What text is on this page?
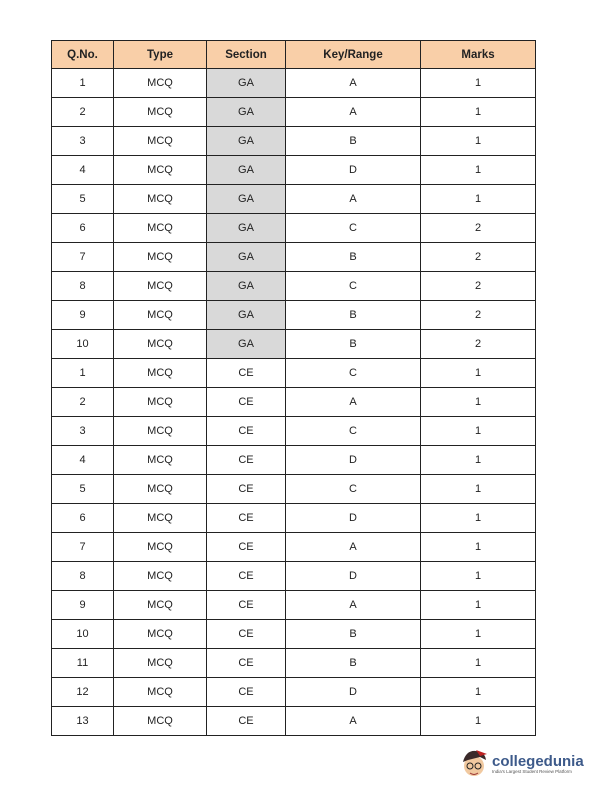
Q.No.	Type	Section	Key/Range	Marks
1	MCQ	GA	A	1
2	MCQ	GA	A	1
3	MCQ	GA	B	1
4	MCQ	GA	D	1
5	MCQ	GA	A	1
6	MCQ	GA	C	2
7	MCQ	GA	B	2
8	MCQ	GA	C	2
9	MCQ	GA	B	2
10	MCQ	GA	B	2
1	MCQ	CE	C	1
2	MCQ	CE	A	1
3	MCQ	CE	C	1
4	MCQ	CE	D	1
5	MCQ	CE	C	1
6	MCQ	CE	D	1
7	MCQ	CE	A	1
8	MCQ	CE	D	1
9	MCQ	CE	A	1
10	MCQ	CE	B	1
11	MCQ	CE	B	1
12	MCQ	CE	D	1
13	MCQ	CE	A	1
collegedunia
India's Largest Student Review Platform
